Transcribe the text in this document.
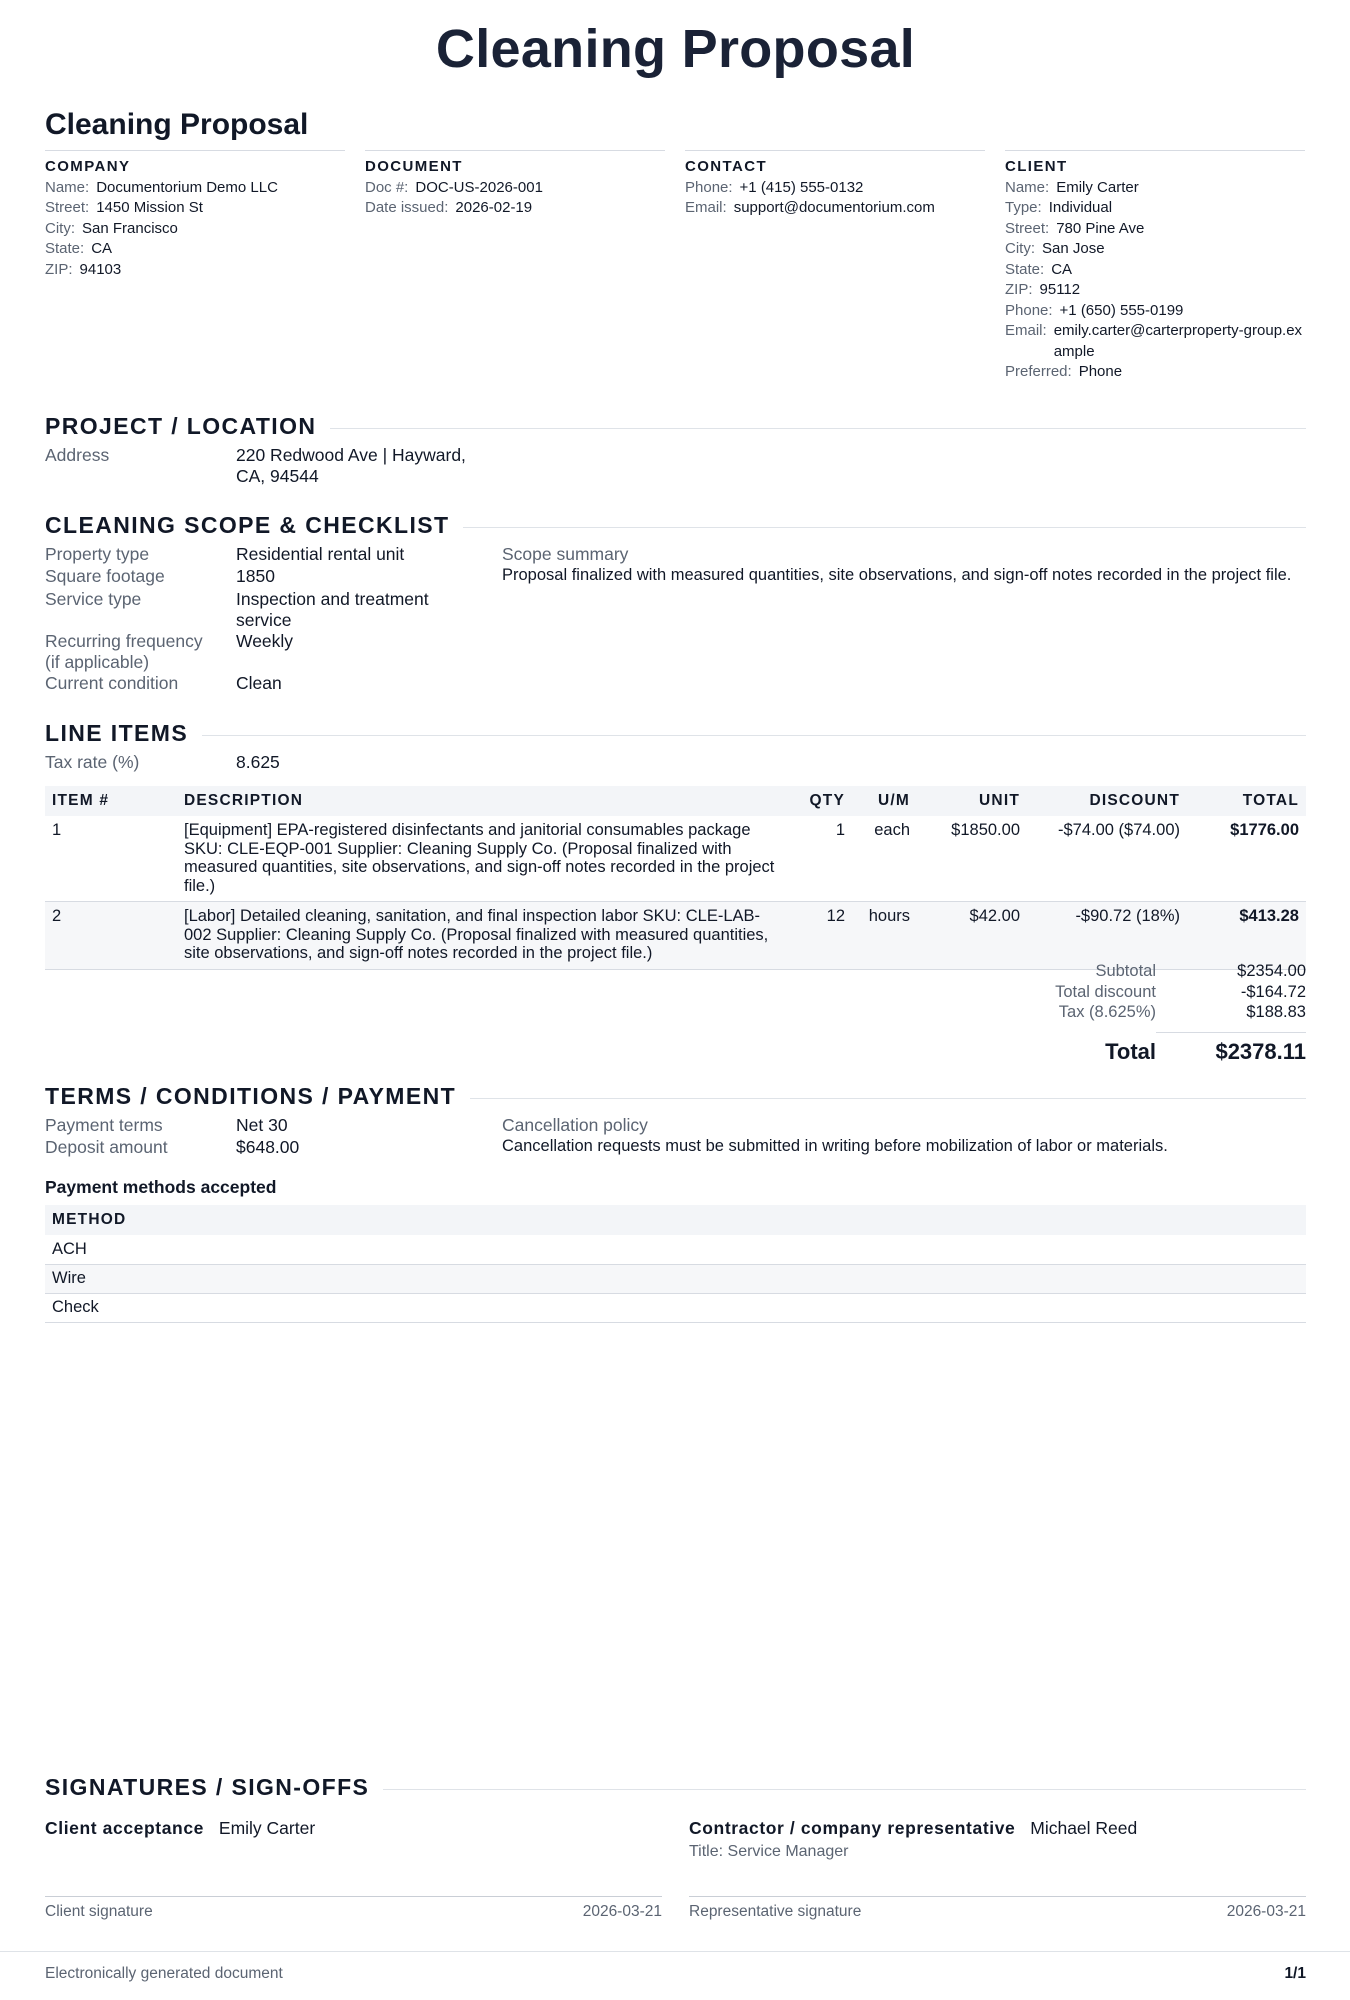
Cleaning Proposal
Cleaning Proposal
COMPANY
Name: Documentorium Demo LLC
Street: 1450 Mission St
City: San Francisco
State: CA
ZIP: 94103
DOCUMENT
Doc #: DOC-US-2026-001
Date issued: 2026-02-19
CONTACT
Phone: +1 (415) 555-0132
Email: support@documentorium.com
CLIENT
Name: Emily Carter
Type: Individual
Street: 780 Pine Ave
City: San Jose
State: CA
ZIP: 95112
Phone: +1 (650) 555-0199
Email: emily.carter@carterproperty-group.example
Preferred: Phone
PROJECT / LOCATION
Address	220 Redwood Ave | Hayward, CA, 94544
CLEANING SCOPE & CHECKLIST
Property type	Residential rental unit
Square footage	1850
Service type	Inspection and treatment service
Recurring frequency (if applicable)
Weekly
Current condition	Clean
Scope summary
Proposal finalized with measured quantities, site observations, and sign-off notes recorded in the project file.
LINE ITEMS
Tax rate (%)	8.625
ITEM #	DESCRIPTION	QTY	U/M	UNIT	DISCOUNT	TOTAL
1	[Equipment] EPA-registered disinfectants and janitorial consumables package SKU: CLE-EQP-001 Supplier: Cleaning Supply Co. (Proposal finalized with measured quantities, site observations, and sign-off notes recorded in the project file.)	1	each	$1850.00	-$74.00 ($74.00)	$1776.00
2	[Labor] Detailed cleaning, sanitation, and final inspection labor SKU: CLE-LAB-002 Supplier: Cleaning Supply Co. (Proposal finalized with measured quantities, site observations, and sign-off notes recorded in the project file.)	12	hours	$42.00	-$90.72 (18%)	$413.28
Subtotal	$2354.00
Total discount	-$164.72
Tax (8.625%)	$188.83
Total	$2378.11
TERMS / CONDITIONS / PAYMENT
Payment terms	Net 30
Deposit amount	$648.00
Cancellation policy
Cancellation requests must be submitted in writing before mobilization of labor or materials.
Payment methods accepted
METHOD
ACH
Wire
Check
SIGNATURES / SIGN-OFFS
Client acceptance Emily Carter
Client signature	2026-03-21
Contractor / company representative Michael Reed
Title: Service Manager
Representative signature	2026-03-21
Electronically generated document	1/1
